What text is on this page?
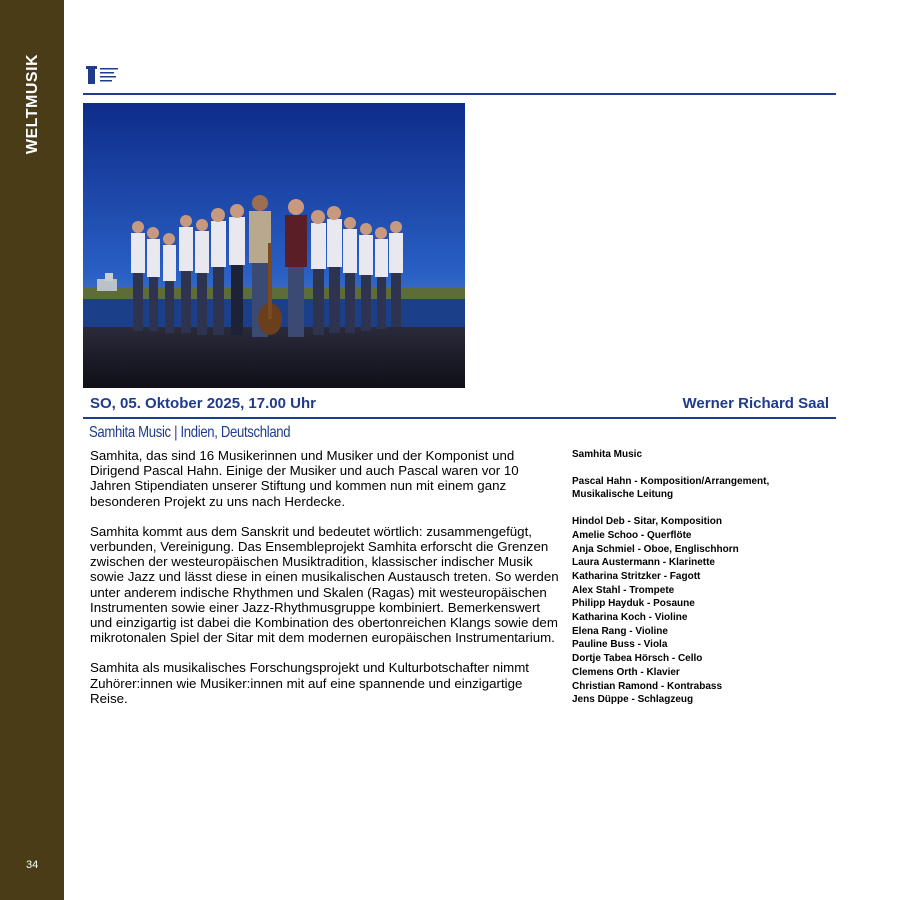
WELTMUSIK
34
SO, 05. Oktober 2025, 17.00 Uhr	Werner Richard Saal
Samhita Music | Indien, Deutschland

Samhita, das sind 16 Musikerinnen und Musiker und der Komponist und Dirigend Pascal Hahn. Einige der Musiker und auch Pascal waren vor 10 Jahren Stipendiaten unserer Stiftung und kommen nun mit einem ganz besonderen Projekt zu uns nach Herdecke.

Samhita kommt aus dem Sanskrit und bedeutet wörtlich: zusammengefügt, verbunden, Vereinigung. Das Ensembleprojekt Samhita erforscht die Grenzen zwischen der westeuropäischen Musiktradition, klassischer indischer Musik sowie Jazz und lässt diese in einen musikalischen Austausch treten. So werden unter anderem indische Rhythmen und Skalen (Ragas) mit westeuropäischen Instrumenten sowie einer Jazz-Rhythmusgruppe kombiniert. Bemerkenswert und einzigartig ist dabei die Kombination des obertonreichen Klangs sowie dem mikrotonalen Spiel der Sitar mit dem modernen europäischen Instrumentarium.

Samhita als musikalisches Forschungsprojekt und Kulturbotschafter nimmt Zuhörer:innen wie Musiker:innen mit auf eine spannende und einzigartige Reise.

Samhita Music
Pascal Hahn - Komposition/Arrangement, Musikalische Leitung
Hindol Deb - Sitar, Komposition
Amelie Schoo - Querflöte
Anja Schmiel - Oboe, Englischhorn
Laura Austermann - Klarinette
Katharina Stritzker - Fagott
Alex Stahl - Trompete
Philipp Hayduk - Posaune
Katharina Koch - Violine
Elena Rang - Violine
Pauline Buss - Viola
Dortje Tabea Hörsch - Cello
Clemens Orth - Klavier
Christian Ramond - Kontrabass
Jens Düppe - Schlagzeug
